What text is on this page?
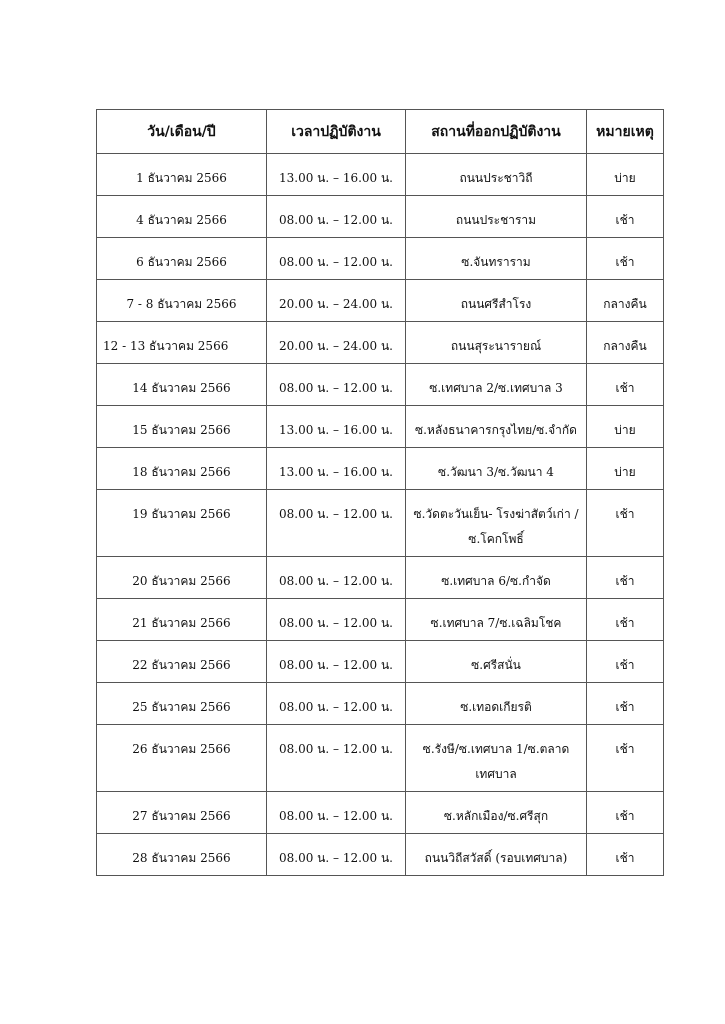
วัน/เดือน/ปี	เวลาปฏิบัติงาน	สถานที่ออกปฏิบัติงาน	หมายเหตุ

1 ธันวาคม 2566	13.00 น. – 16.00 น.	ถนนประชาวิถี	บ่าย

4 ธันวาคม 2566	08.00 น. – 12.00 น.	ถนนประชาราม	เช้า

6 ธันวาคม 2566	08.00 น. – 12.00 น.	ซ.จันทราราม	เช้า

7 - 8 ธันวาคม 2566	20.00 น. – 24.00 น.	ถนนศรีสำโรง	กลางคืน

12 - 13 ธันวาคม 2566	20.00 น. – 24.00 น.	ถนนสุระนารายณ์	กลางคืน

14 ธันวาคม 2566	08.00 น. – 12.00 น.	ซ.เทศบาล 2/ซ.เทศบาล 3	เช้า

15 ธันวาคม 2566	13.00 น. – 16.00 น.	ซ.หลังธนาคารกรุงไทย/ซ.จำกัด	บ่าย

18 ธันวาคม 2566	13.00 น. – 16.00 น.	ซ.วัฒนา 3/ซ.วัฒนา 4	บ่าย

19 ธันวาคม 2566	08.00 น. – 12.00 น.	ซ.วัดตะวันเย็น- โรงฆ่าสัตว์เก่า / ซ.โคกโพธิ์	เช้า

20 ธันวาคม 2566	08.00 น. – 12.00 น.	ซ.เทศบาล 6/ซ.กำจัด	เช้า

21 ธันวาคม 2566	08.00 น. – 12.00 น.	ซ.เทศบาล 7/ซ.เฉลิมโชค	เช้า

22 ธันวาคม 2566	08.00 น. – 12.00 น.	ซ.ศรีสนั่น	เช้า

25 ธันวาคม 2566	08.00 น. – 12.00 น.	ซ.เทอดเกียรติ	เช้า

26 ธันวาคม 2566	08.00 น. – 12.00 น.	ซ.รังษี/ซ.เทศบาล 1/ซ.ตลาด เทศบาล	เช้า

27 ธันวาคม 2566	08.00 น. – 12.00 น.	ซ.หลักเมือง/ซ.ศรีสุก	เช้า

28 ธันวาคม 2566	08.00 น. – 12.00 น.	ถนนวิถีสวัสดิ์ (รอบเทศบาล)	เช้า
